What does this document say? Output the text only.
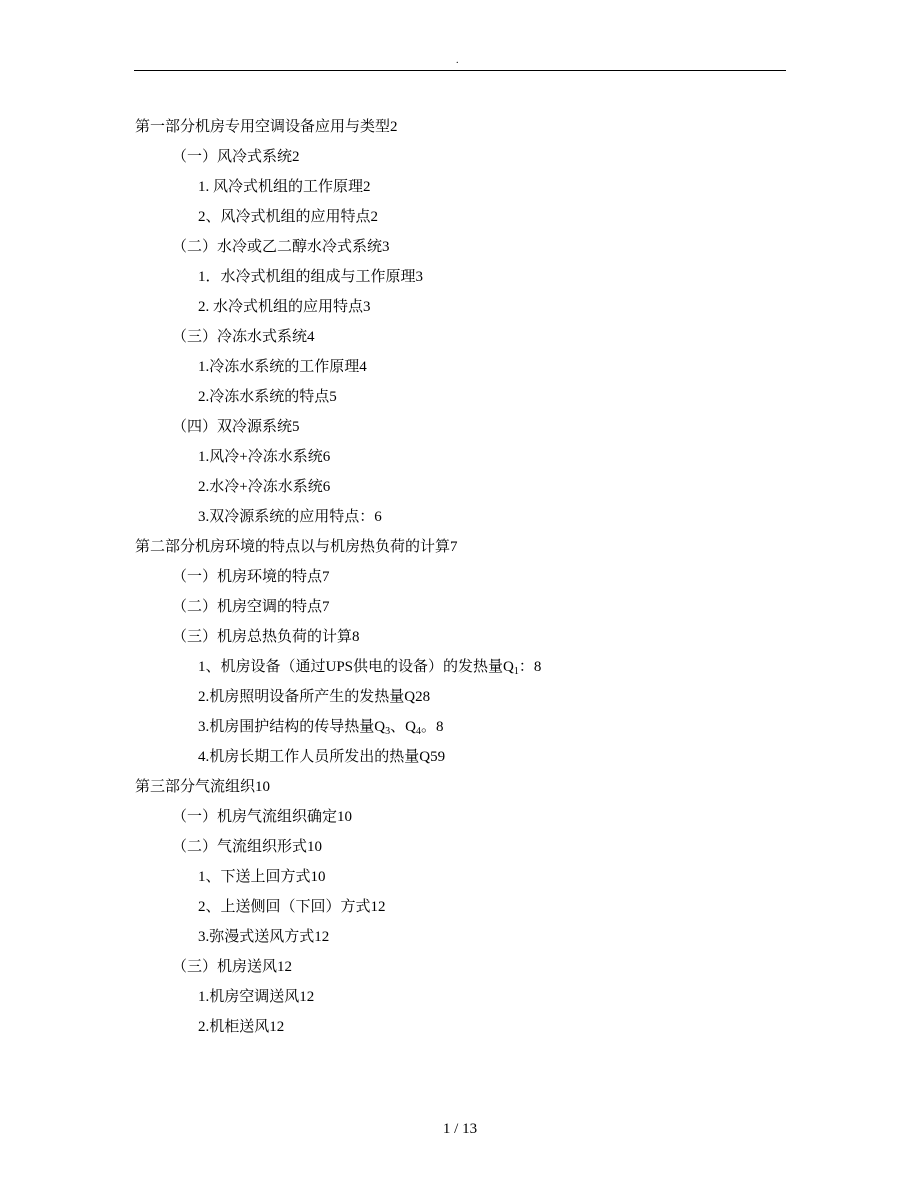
.
第一部分机房专用空调设备应用与类型2
（一）风冷式系统2
1. 风冷式机组的工作原理2
2、风冷式机组的应用特点2
（二）水冷或乙二醇水冷式系统3
1．水冷式机组的组成与工作原理3
2. 水冷式机组的应用特点3
（三）冷冻水式系统4
1.冷冻水系统的工作原理4
2.冷冻水系统的特点5
（四）双冷源系统5
1.风冷+冷冻水系统6
2.水冷+冷冻水系统6
3.双冷源系统的应用特点：6
第二部分机房环境的特点以与机房热负荷的计算7
（一）机房环境的特点7
（二）机房空调的特点7
（三）机房总热负荷的计算8
1、机房设备（通过UPS供电的设备）的发热量$Q_1$：8
2.机房照明设备所产生的发热量Q28
3.机房围护结构的传导热量$Q_3$、$Q_4$。8
4.机房长期工作人员所发出的热量Q59
第三部分气流组织10
（一）机房气流组织确定10
（二）气流组织形式10
1、下送上回方式10
2、上送侧回（下回）方式12
3.弥漫式送风方式12
（三）机房送风12
1.机房空调送风12
2.机柜送风12
1 / 13
